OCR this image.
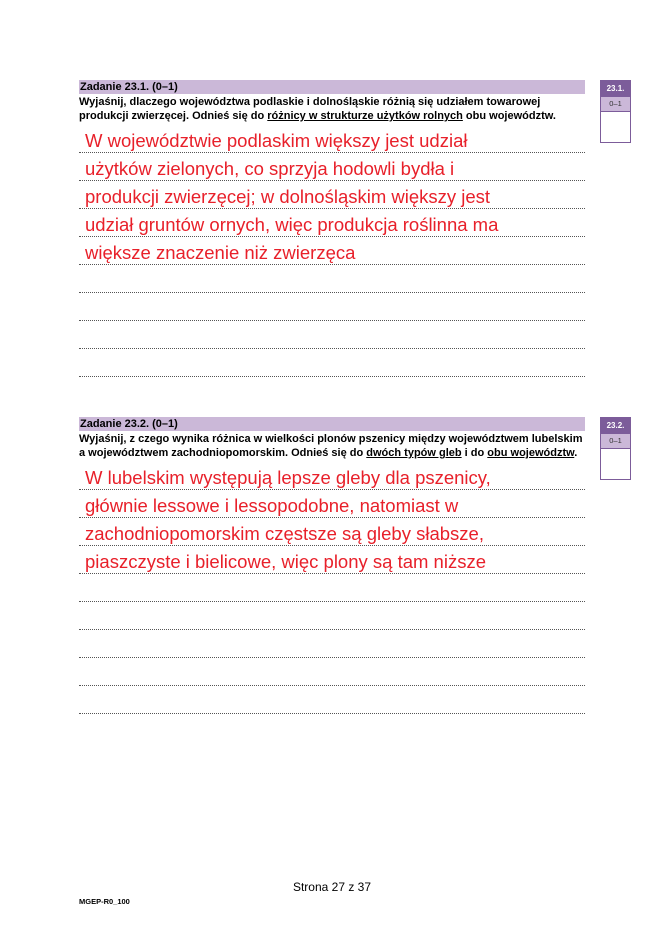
Zadanie 23.1. (0–1)
Wyjaśnij, dlaczego województwa podlaskie i dolnośląskie różnią się udziałem towarowej produkcji zwierzęcej. Odnieś się do różnicy w strukturze użytków rolnych obu województw.
W województwie podlaskim większy jest udział
użytków zielonych, co sprzyja hodowli bydła i
produkcji zwierzęcej; w dolnośląskim większy jest
udział gruntów ornych, więc produkcja roślinna ma
większe znaczenie niż zwierzęca
23.1.
0–1
Zadanie 23.2. (0–1)
Wyjaśnij, z czego wynika różnica w wielkości plonów pszenicy między województwem lubelskim a województwem zachodniopomorskim. Odnieś się do dwóch typów gleb i do obu województw.
W lubelskim występują lepsze gleby dla pszenicy,
głównie lessowe i lessopodobne, natomiast w
zachodniopomorskim częstsze są gleby słabsze,
piaszczyste i bielicowe, więc plony są tam niższe
23.2.
0–1
Strona 27 z 37
MGEP-R0_100
